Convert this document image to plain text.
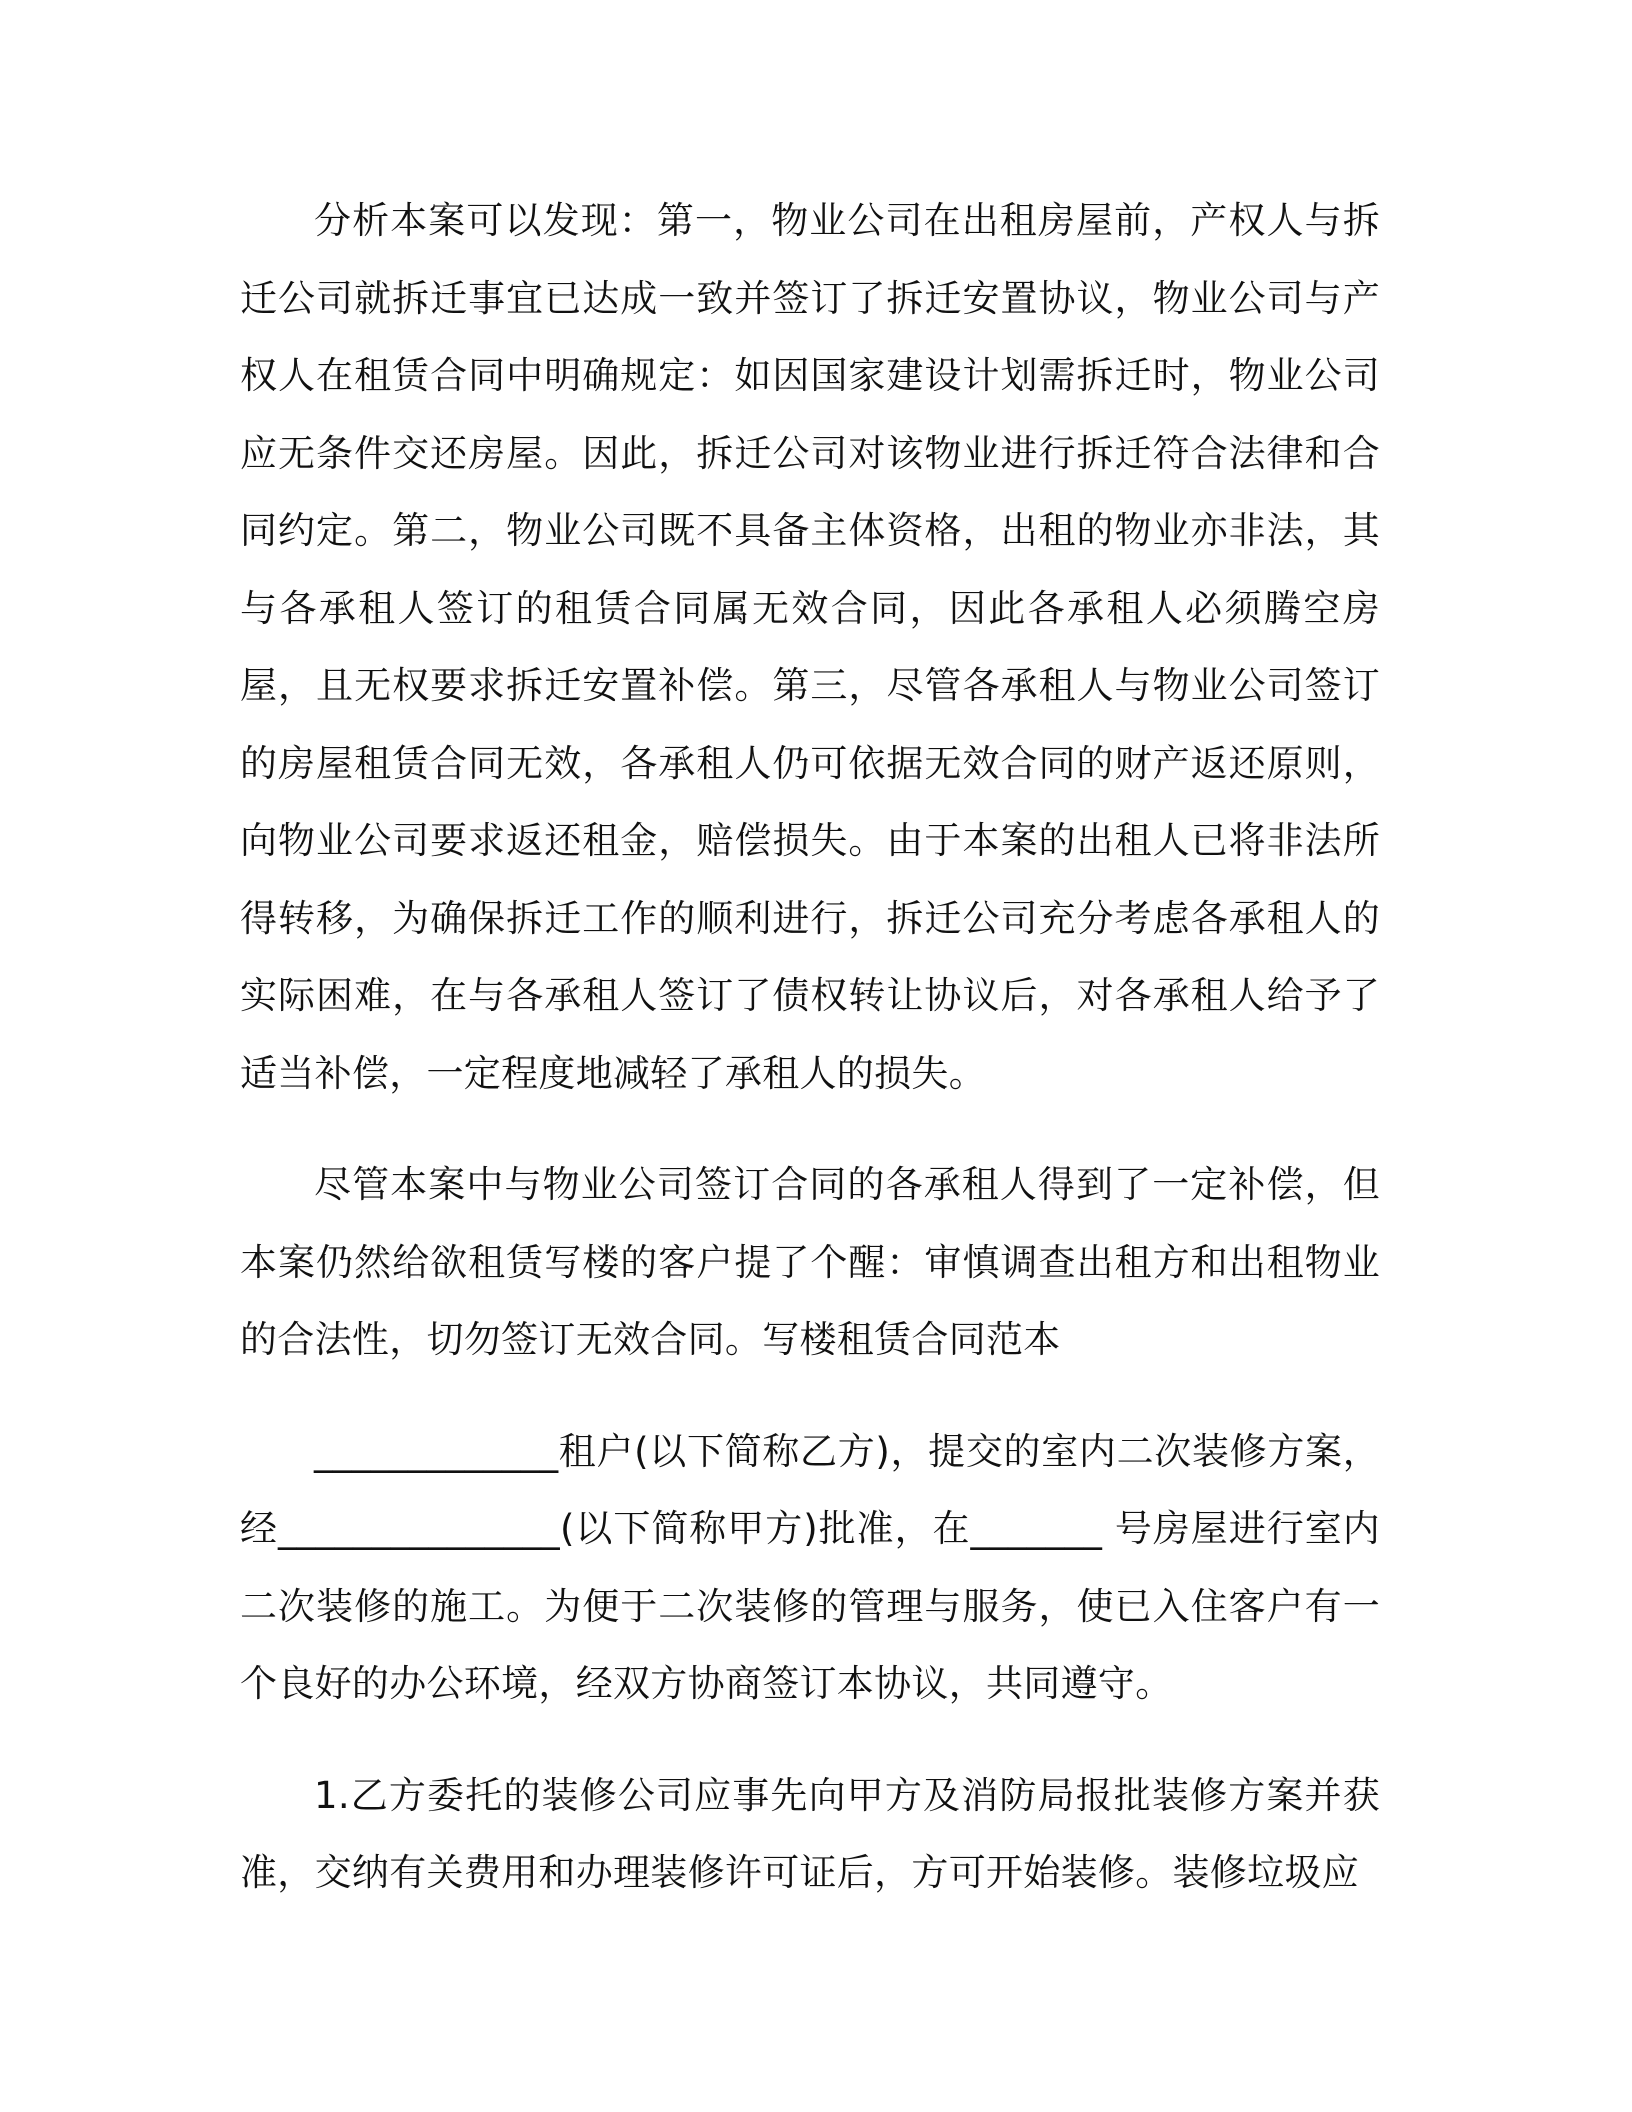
分析本案可以发现：第一，物业公司在出租房屋前，产权人与拆迁公司就拆迁事宜已达成一致并签订了拆迁安置协议，物业公司与产权人在租赁合同中明确规定：如因国家建设计划需拆迁时，物业公司应无条件交还房屋。因此，拆迁公司对该物业进行拆迁符合法律和合同约定。第二，物业公司既不具备主体资格，出租的物业亦非法，其与各承租人签订的租赁合同属无效合同，因此各承租人必须腾空房屋，且无权要求拆迁安置补偿。第三，尽管各承租人与物业公司签订的房屋租赁合同无效，各承租人仍可依据无效合同的财产返还原则，向物业公司要求返还租金，赔偿损失。由于本案的出租人已将非法所得转移，为确保拆迁工作的顺利进行，拆迁公司充分考虑各承租人的实际困难，在与各承租人签订了债权转让协议后，对各承租人给予了适当补偿，一定程度地减轻了承租人的损失。

尽管本案中与物业公司签订合同的各承租人得到了一定补偿，但本案仍然给欲租赁写楼的客户提了个醒：审慎调查出租方和出租物业的合法性，切勿签订无效合同。写楼租赁合同范本

_____________租户(以下简称乙方)，提交的室内二次装修方案，经_______________(以下简称甲方)批准，在_______ 号房屋进行室内二次装修的施工。为便于二次装修的管理与服务，使已入住客户有一个良好的办公环境，经双方协商签订本协议，共同遵守。

1.乙方委托的装修公司应事先向甲方及消防局报批装修方案并获准，交纳有关费用和办理装修许可证后，方可开始装修。装修垃圾应
